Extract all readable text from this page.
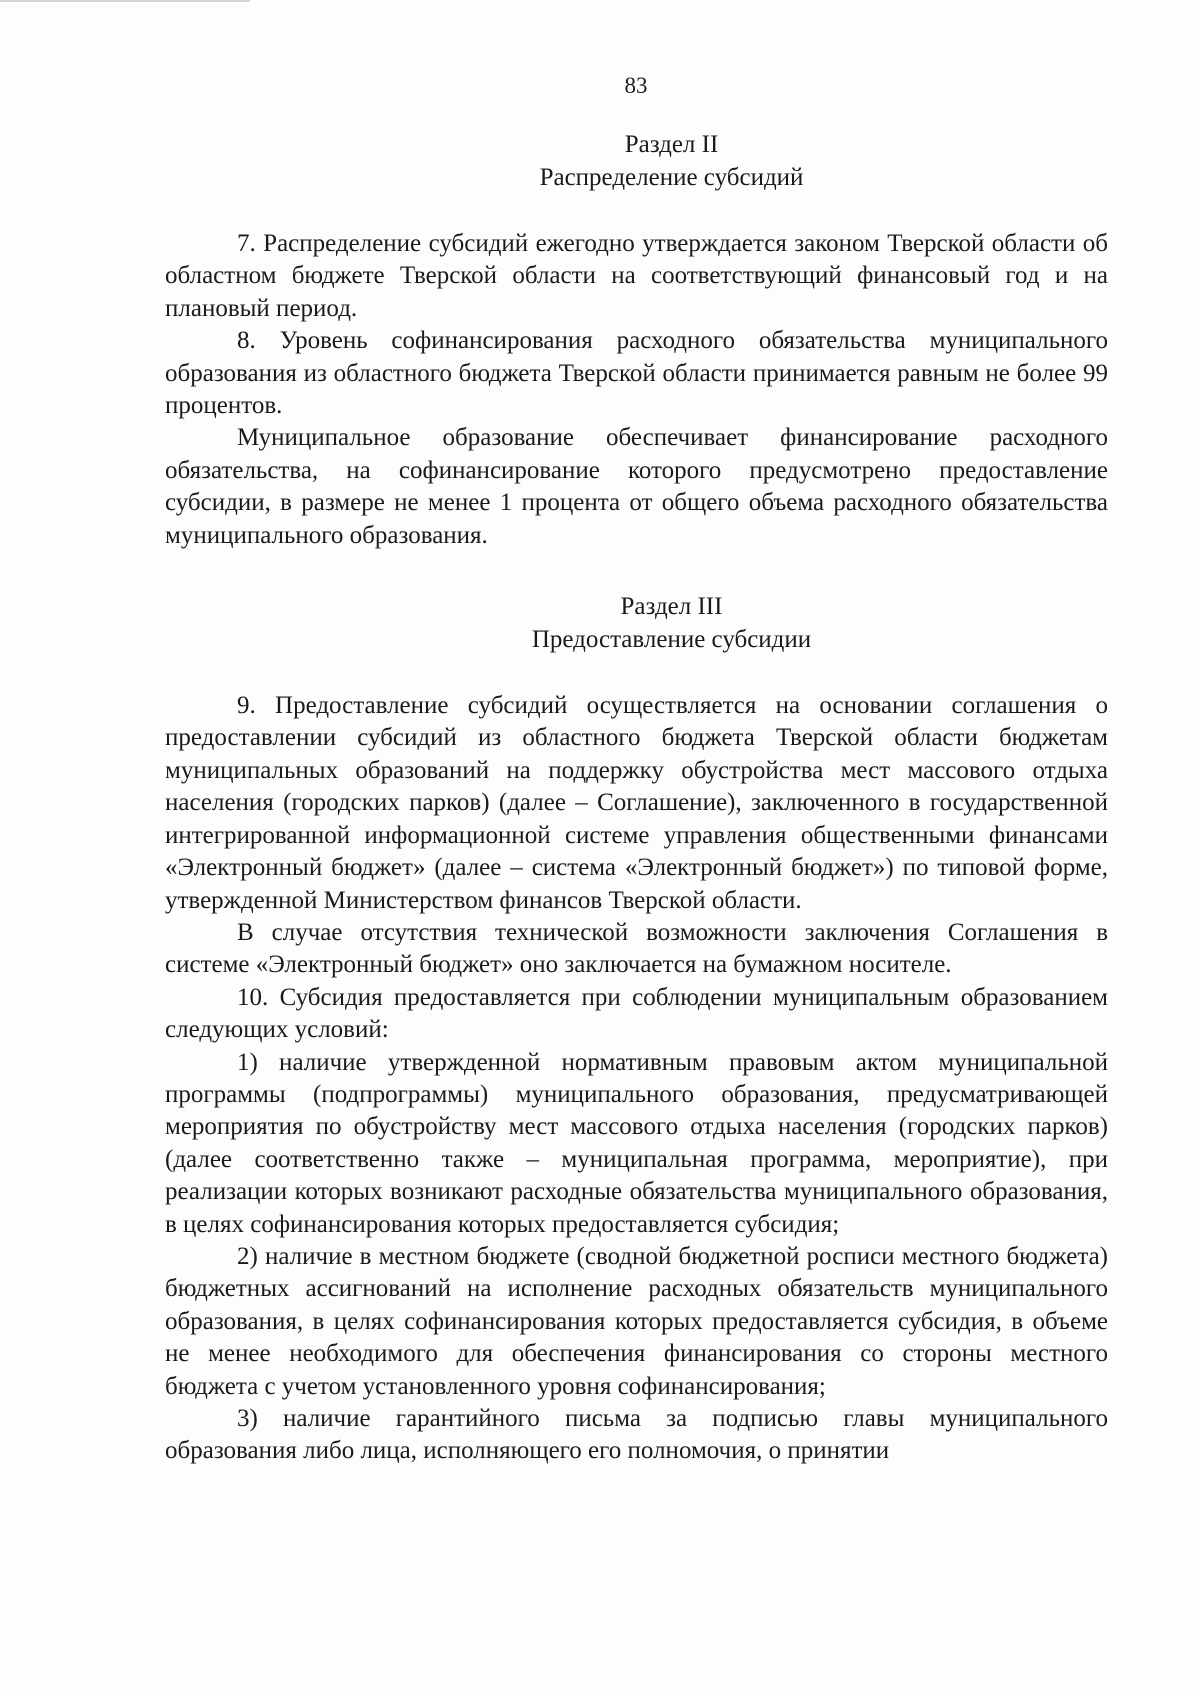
83

Раздел II

Распределение субсидий

7. Распределение субсидий ежегодно утверждается законом Тверской области об областном бюджете Тверской области на соответствующий финансовый год и на плановый период.

8. Уровень софинансирования расходного обязательства муниципального образования из областного бюджета Тверской области принимается равным не более 99 процентов.

Муниципальное образование обеспечивает финансирование расходного обязательства, на софинансирование которого предусмотрено предоставление субсидии, в размере не менее 1 процента от общего объема расходного обязательства муниципального образования.

Раздел III

Предоставление субсидии

9. Предоставление субсидий осуществляется на основании соглашения о предоставлении субсидий из областного бюджета Тверской области бюджетам муниципальных образований на поддержку обустройства мест массового отдыха населения (городских парков) (далее – Соглашение), заключенного в государственной интегрированной информационной системе управления общественными финансами «Электронный бюджет» (далее – система «Электронный бюджет») по типовой форме, утвержденной Министерством финансов Тверской области.

В случае отсутствия технической возможности заключения Соглашения в системе «Электронный бюджет» оно заключается на бумажном носителе.

10. Субсидия предоставляется при соблюдении муниципальным образованием следующих условий:

1) наличие утвержденной нормативным правовым актом муниципальной программы (подпрограммы) муниципального образования, предусматривающей мероприятия по обустройству мест массового отдыха населения (городских парков) (далее соответственно также – муниципальная программа, мероприятие), при реализации которых возникают расходные обязательства муниципального образования, в целях софинансирования которых предоставляется субсидия;

2) наличие в местном бюджете (сводной бюджетной росписи местного бюджета) бюджетных ассигнований на исполнение расходных обязательств муниципального образования, в целях софинансирования которых предоставляется субсидия, в объеме не менее необходимого для обеспечения финансирования со стороны местного бюджета с учетом установленного уровня софинансирования;

3) наличие гарантийного письма за подписью главы муниципального образования либо лица, исполняющего его полномочия, о принятии
